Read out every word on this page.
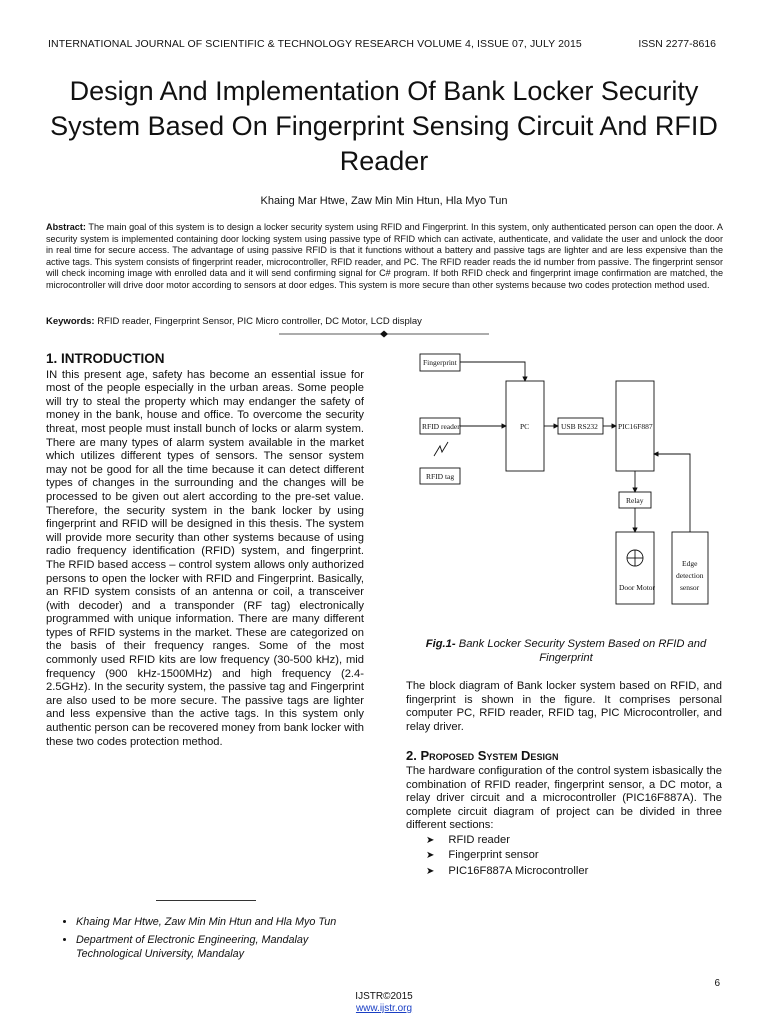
INTERNATIONAL JOURNAL OF SCIENTIFIC & TECHNOLOGY RESEARCH VOLUME 4, ISSUE 07, JULY 2015	ISSN 2277-8616
Design And Implementation Of Bank Locker Security System Based On Fingerprint Sensing Circuit And RFID Reader
Khaing Mar Htwe, Zaw Min Min Htun, Hla Myo Tun
Abstract: The main goal of this system is to design a locker security system using RFID and Fingerprint. In this system, only authenticated person can open the door. A security system is implemented containing door locking system using passive type of RFID which can activate, authenticate, and validate the user and unlock the door in real time for secure access. The advantage of using passive RFID is that it functions without a battery and passive tags are lighter and are less expensive than the active tags. This system consists of fingerprint reader, microcontroller, RFID reader, and PC. The RFID reader reads the id number from passive. The fingerprint sensor will check incoming image with enrolled data and it will send confirming signal for C# program. If both RFID check and fingerprint image confirmation are matched, the microcontroller will drive door motor according to sensors at door edges. This system is more secure than other systems because two codes protection method used.
Keywords: RFID reader, Fingerprint Sensor, PIC Micro controller, DC Motor, LCD display
1. INTRODUCTION

IN this present age, safety has become an essential issue for most of the people especially in the urban areas. Some people will try to steal the property which may endanger the safety of money in the bank, house and office. To overcome the security threat, most people must install bunch of locks or alarm system. There are many types of alarm system available in the market which utilizes different types of sensors. The sensor system may not be good for all the time because it can detect different types of changes in the surrounding and the changes will be processed to be given out alert according to the pre-set value. Therefore, the security system in the bank locker by using fingerprint and RFID will be designed in this thesis. The system will provide more security than other systems because of using radio frequency identification (RFID) system, and fingerprint. The RFID based access – control system allows only authorized persons to open the locker with RFID and Fingerprint. Basically, an RFID system consists of an antenna or coil, a transceiver (with decoder) and a transponder (RF tag) electronically programmed with unique information. There are many different types of RFID systems in the market. These are categorized on the basis of their frequency ranges. Some of the most commonly used RFID kits are low frequency (30-500 kHz), mid frequency (900 kHz-1500MHz) and high frequency (2.4-2.5GHz). In the security system, the passive tag and Fingerprint are also used to be more secure. The passive tags are lighter and less expensive than the active tags. In this system only authentic person can be recovered money from bank locker with these two codes protection method.

Fingerprint
RFID reader
RFID tag
PC	USB RS232	PIC16F887
Relay
Door Motor
Edge
detection
sensor
Fig.1- Bank Locker Security System Based on RFID and Fingerprint
The block diagram of Bank locker system based on RFID, and fingerprint is shown in the figure. It comprises personal computer PC, RFID reader, RFID tag, PIC Microcontroller, and relay driver.
2. Proposed System Design
The hardware configuration of the control system isbasically the combination of RFID reader, fingerprint sensor, a DC motor, a relay driver circuit and a microcontroller (PIC16F887A). The complete circuit diagram of project can be divided in three different sections:
➤ RFID reader
➤ Fingerprint sensor
➤ PIC16F887A Microcontroller
• Khaing Mar Htwe, Zaw Min Min Htun and Hla Myo Tun
• Department of Electronic Engineering, Mandalay Technological University, Mandalay
6
IJSTR©2015
www.ijstr.org
